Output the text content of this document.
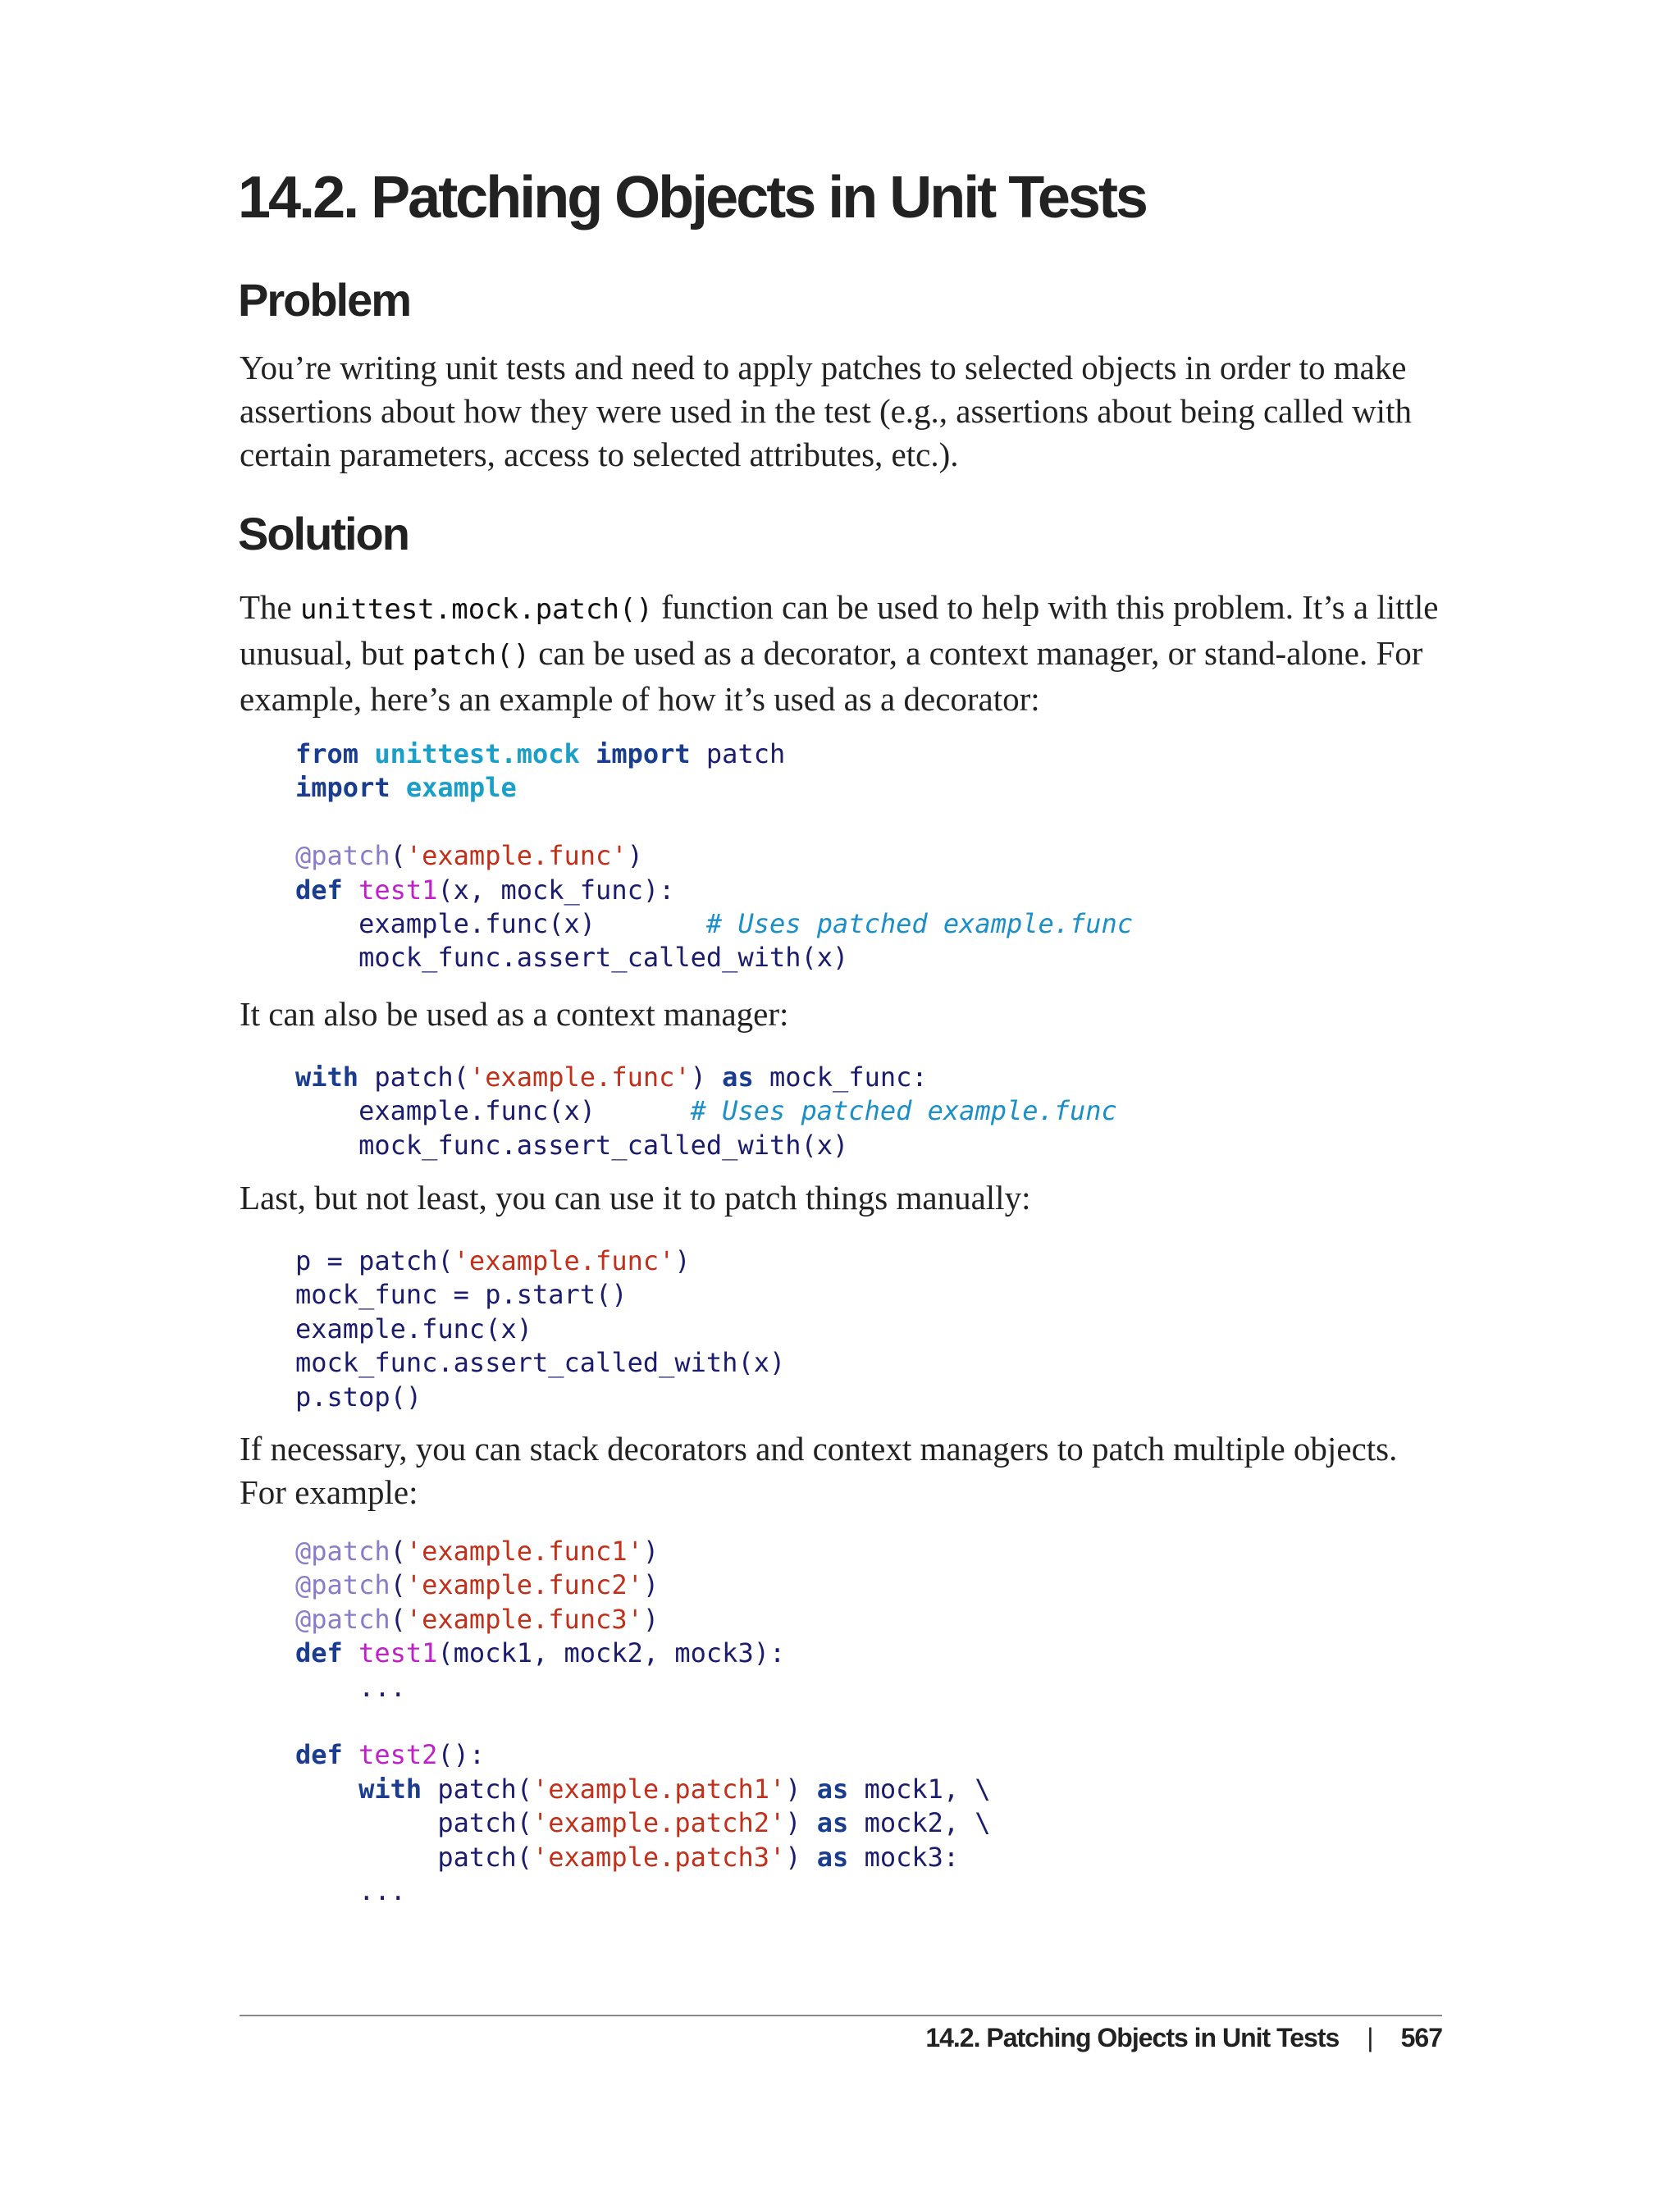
14.2. Patching Objects in Unit Tests
Problem

You’re writing unit tests and need to apply patches to selected objects in order to make assertions about how they were used in the test (e.g., assertions about being called with certain parameters, access to selected attributes, etc.).

Solution

The unittest.mock.patch() function can be used to help with this problem. It’s a little unusual, but patch() can be used as a decorator, a context manager, or stand-alone. For example, here’s an example of how it’s used as a decorator:

from unittest.mock import patch
import example

@patch('example.func')
def test1(x, mock_func):
example.func(x)	# Uses patched example.func
mock_func.assert_called_with(x)

It can also be used as a context manager:

with patch('example.func') as mock_func:
example.func(x)	# Uses patched example.func
mock_func.assert_called_with(x)

Last, but not least, you can use it to patch things manually:

p = patch('example.func')
mock_func = p.start()
example.func(x)
mock_func.assert_called_with(x)
p.stop()

If necessary, you can stack decorators and context managers to patch multiple objects. For example:

@patch('example.func1')
@patch('example.func2')
@patch('example.func3')
def test1(mock1, mock2, mock3):
...

def test2():
with patch('example.patch1') as mock1, \
patch('example.patch2') as mock2, \
patch('example.patch3') as mock3:
...
14.2. Patching Objects in Unit Tests | 567
